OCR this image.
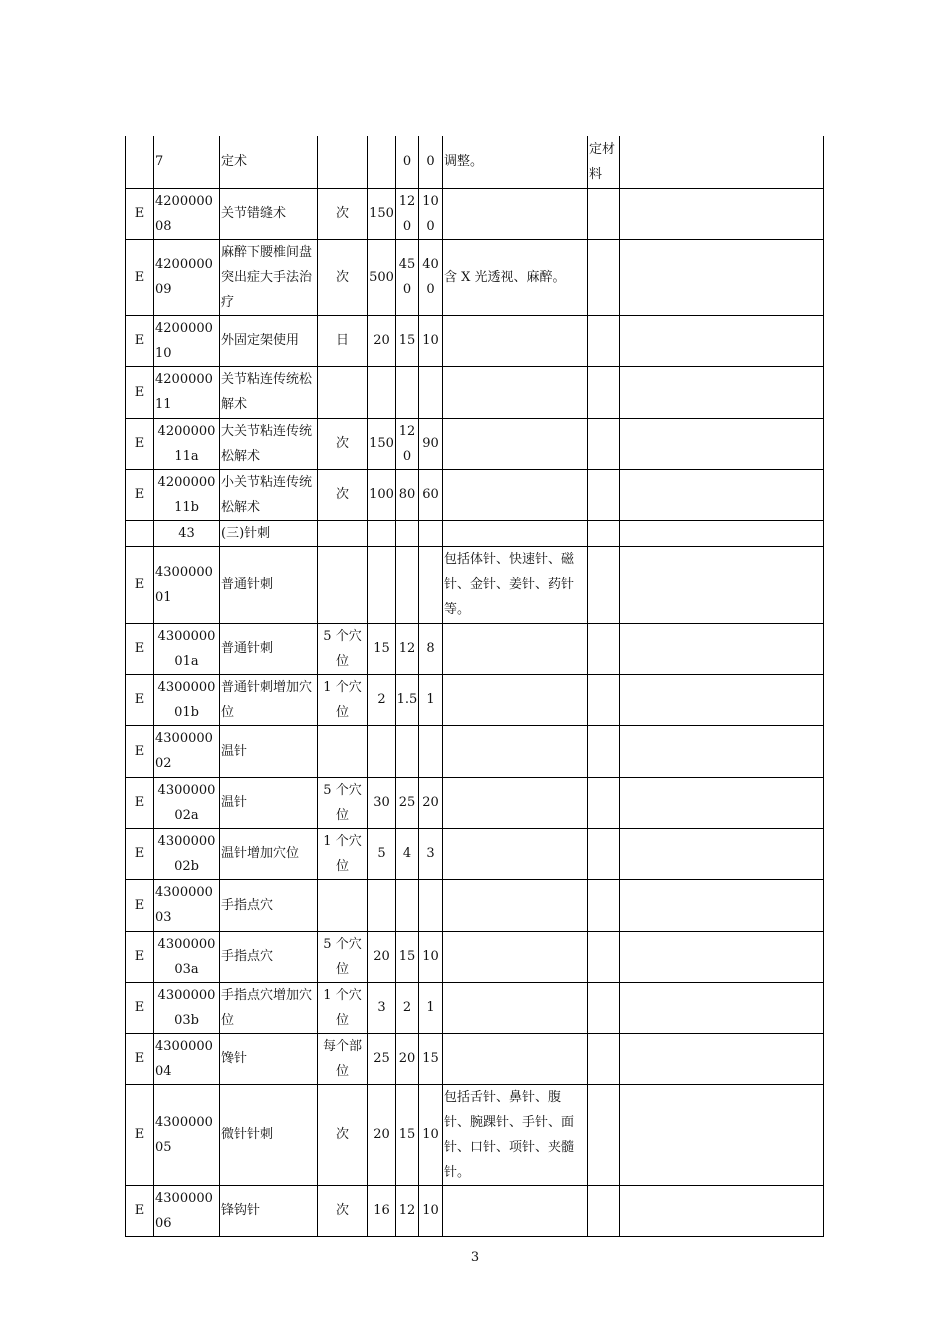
	7	定术			0	0	调整。	定材料	
E	420000008	关节错缝术	次	150	120	100			
E	420000009	麻醉下腰椎间盘突出症大手法治疗	次	500	450	400	含 X 光透视、麻醉。		
E	420000010	外固定架使用	日	20	15	10			
E	420000011	关节粘连传统松解术							
E	420000011a	大关节粘连传统松解术	次	150	120	90			
E	420000011b	小关节粘连传统松解术	次	100	80	60			
	43	(三)针刺							
E	430000001	普通针刺					包括体针、快速针、磁针、金针、姜针、药针等。		
E	430000001a	普通针刺	5 个穴位	15	12	8			
E	430000001b	普通针刺增加穴位	1 个穴位	2	1.5	1			
E	430000002	温针							
E	430000002a	温针	5 个穴位	30	25	20			
E	430000002b	温针增加穴位	1 个穴位	5	4	3			
E	430000003	手指点穴							
E	430000003a	手指点穴	5 个穴位	20	15	10			
E	430000003b	手指点穴增加穴位	1 个穴位	3	2	1			
E	430000004	馋针	每个部位	25	20	15			
E	430000005	微针针刺	次	20	15	10	包括舌针、鼻针、腹针、腕踝针、手针、面针、口针、项针、夹髓针。		
E	430000006	锋钩针	次	16	12	10			
3
